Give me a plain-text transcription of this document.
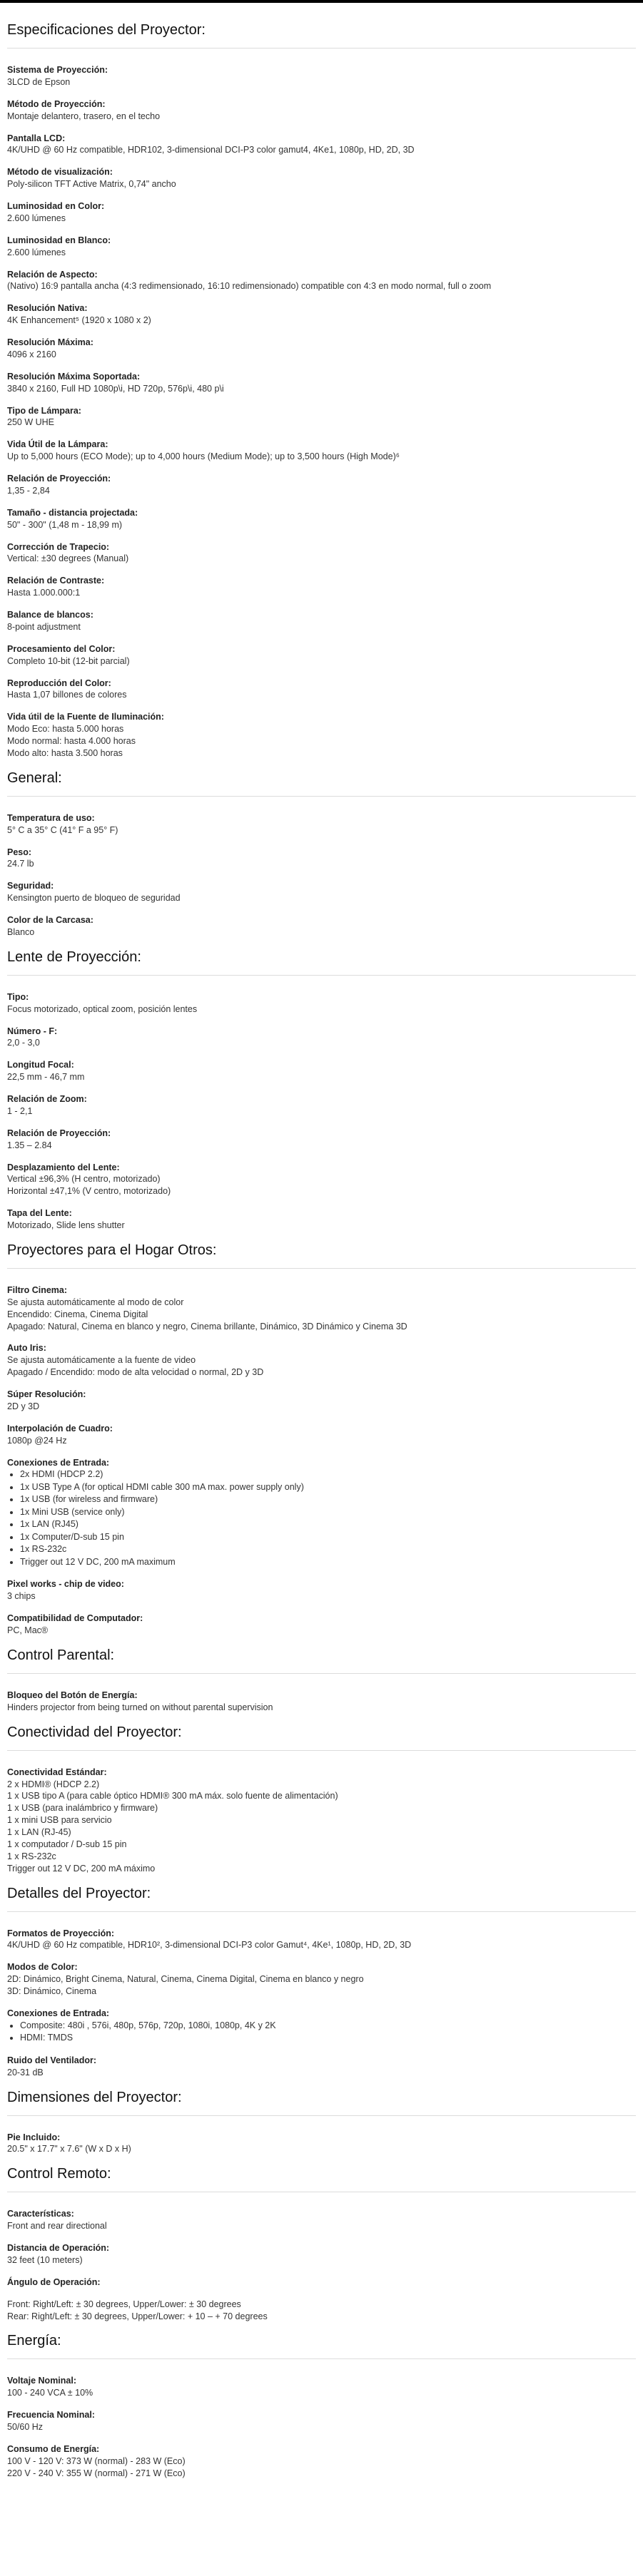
Especificaciones del Proyector:
Sistema de Proyección:
3LCD de Epson
Método de Proyección:
Montaje delantero, trasero, en el techo
Pantalla LCD:
4K/UHD @ 60 Hz compatible, HDR102, 3-dimensional DCI-P3 color gamut4, 4Ke1, 1080p, HD, 2D, 3D
Método de visualización:
Poly-silicon TFT Active Matrix, 0,74" ancho
Luminosidad en Color:
2.600 lúmenes
Luminosidad en Blanco:
2.600 lúmenes
Relación de Aspecto:
(Nativo) 16:9 pantalla ancha (4:3 redimensionado, 16:10 redimensionado) compatible con 4:3 en modo normal, full o zoom
Resolución Nativa:
4K Enhancement⁵ (1920 x 1080 x 2)
Resolución Máxima:
4096 x 2160
Resolución Máxima Soportada:
3840 x 2160, Full HD 1080p\i, HD 720p, 576p\i, 480 p\i
Tipo de Lámpara:
250 W UHE
Vida Útil de la Lámpara:
Up to 5,000 hours (ECO Mode); up to 4,000 hours (Medium Mode); up to 3,500 hours (High Mode)⁶
Relación de Proyección:
1,35 - 2,84
Tamaño - distancia projectada:
50" - 300" (1,48 m - 18,99 m)
Corrección de Trapecio:
Vertical: ±30 degrees (Manual)
Relación de Contraste:
Hasta 1.000.000:1
Balance de blancos:
8-point adjustment
Procesamiento del Color:
Completo 10-bit (12-bit parcial)
Reproducción del Color:
Hasta 1,07 billones de colores
Vida útil de la Fuente de Iluminación:
Modo Eco: hasta 5.000 horas
Modo normal: hasta 4.000 horas
Modo alto: hasta 3.500 horas
General:
Temperatura de uso:
5° C a 35° C (41° F a 95° F)
Peso:
24.7 lb
Seguridad:
Kensington puerto de bloqueo de seguridad
Color de la Carcasa:
Blanco
Lente de Proyección:
Tipo:
Focus motorizado, optical zoom, posición lentes
Número - F:
2,0 - 3,0
Longitud Focal:
22,5 mm - 46,7 mm
Relación de Zoom:
1 - 2,1
Relación de Proyección:
1.35 – 2.84
Desplazamiento del Lente:
Vertical ±96,3% (H centro, motorizado)
Horizontal ±47,1% (V centro, motorizado)
Tapa del Lente:
Motorizado, Slide lens shutter
Proyectores para el Hogar Otros:
Filtro Cinema:
Se ajusta automáticamente al modo de color
Encendido: Cinema, Cinema Digital
Apagado: Natural, Cinema en blanco y negro, Cinema brillante, Dinámico, 3D Dinámico y Cinema 3D
Auto Iris:
Se ajusta automáticamente a la fuente de video
Apagado / Encendido: modo de alta velocidad o normal, 2D y 3D
Súper Resolución:
2D y 3D
Interpolación de Cuadro:
1080p @24 Hz
Conexiones de Entrada:
• 2x HDMI (HDCP 2.2)
• 1x USB Type A (for optical HDMI cable 300 mA max. power supply only)
• 1x USB (for wireless and firmware)
• 1x Mini USB (service only)
• 1x LAN (RJ45)
• 1x Computer/D-sub 15 pin
• 1x RS-232c
• Trigger out 12 V DC, 200 mA maximum
Pixel works - chip de video:
3 chips
Compatibilidad de Computador:
PC, Mac®
Control Parental:
Bloqueo del Botón de Energía:
Hinders projector from being turned on without parental supervision
Conectividad del Proyector:
Conectividad Estándar:
2 x HDMI® (HDCP 2.2)
1 x USB tipo A (para cable óptico HDMI® 300 mA máx. solo fuente de alimentación)
1 x USB (para inalámbrico y firmware)
1 x mini USB para servicio
1 x LAN (RJ-45)
1 x computador / D-sub 15 pin
1 x RS-232c
Trigger out 12 V DC, 200 mA máximo
Detalles del Proyector:
Formatos de Proyección:
4K/UHD @ 60 Hz compatible, HDR10², 3-dimensional DCI-P3 color Gamut⁴, 4Ke¹, 1080p, HD, 2D, 3D
Modos de Color:
2D: Dinámico, Bright Cinema, Natural, Cinema, Cinema Digital, Cinema en blanco y negro
3D: Dinámico, Cinema
Conexiones de Entrada:
• Composite: 480i , 576i, 480p, 576p, 720p, 1080i, 1080p, 4K y 2K
• HDMI: TMDS
Ruido del Ventilador:
20-31 dB
Dimensiones del Proyector:
Pie Incluido:
20.5" x 17.7" x 7.6" (W x D x H)
Control Remoto:
Características:
Front and rear directional
Distancia de Operación:
32 feet (10 meters)
Ángulo de Operación:
Front: Right/Left: ± 30 degrees, Upper/Lower: ± 30 degrees
Rear: Right/Left: ± 30 degrees, Upper/Lower: + 10 – + 70 degrees
Energía:
Voltaje Nominal:
100 - 240 VCA ± 10%
Frecuencia Nominal:
50/60 Hz
Consumo de Energía:
100 V - 120 V: 373 W (normal) - 283 W (Eco)
220 V - 240 V: 355 W (normal) - 271 W (Eco)
